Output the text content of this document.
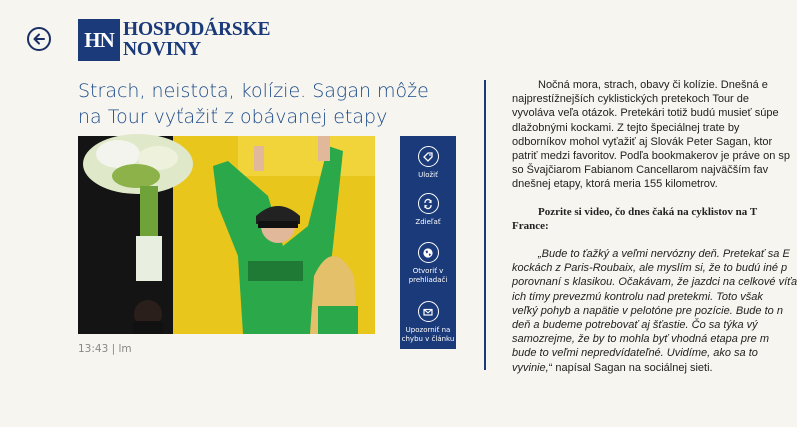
HN HOSPODÁRSKE
NOVINY
Strach, neistota, kolízie. Sagan môže na Tour vyťažiť z obávanej etapy
13:43 | lm
Uložiť
Zdieľať
Otvoriť v prehliadači
Upozorniť na chybu v článku

Nočná mora, strach, obavy či kolízie. Dnešná e

najprestížnejších cyklistických pretekoch Tour de

vyvoláva veľa otázok. Pretekári totiž budú musieť súpe

dlažobnými kockami. Z tejto špeciálnej trate by

odborníkov mohol vyťažiť aj Slovák Peter Sagan, ktor

patriť medzi favoritov. Podľa bookmakerov je práve on sp

so Švajčiarom Fabianom Cancellarom najväčším fav

dnešnej etapy, ktorá meria 155 kilometrov.

Pozrite si video, čo dnes čaká na cyklistov na T

France:

„Bude to ťažký a veľmi nervózny deň. Pretekať sa E

kockách z Paris-Roubaix, ale myslím si, že to budú iné p

porovnaní s klasikou. Očakávam, že jazdci na celkové víťa

ich tímy prevezmú kontrolu nad pretekmi. Toto však

veľký pohyb a napätie v pelotóne pre pozície. Bude to n

deň a budeme potrebovať aj šťastie. Čo sa týka vý

samozrejme, že by to mohla byť vhodná etapa pre m

bude to veľmi nepredvídateľné. Uvidíme, ako sa to

vyvinie,“ napísal Sagan na sociálnej sieti.
